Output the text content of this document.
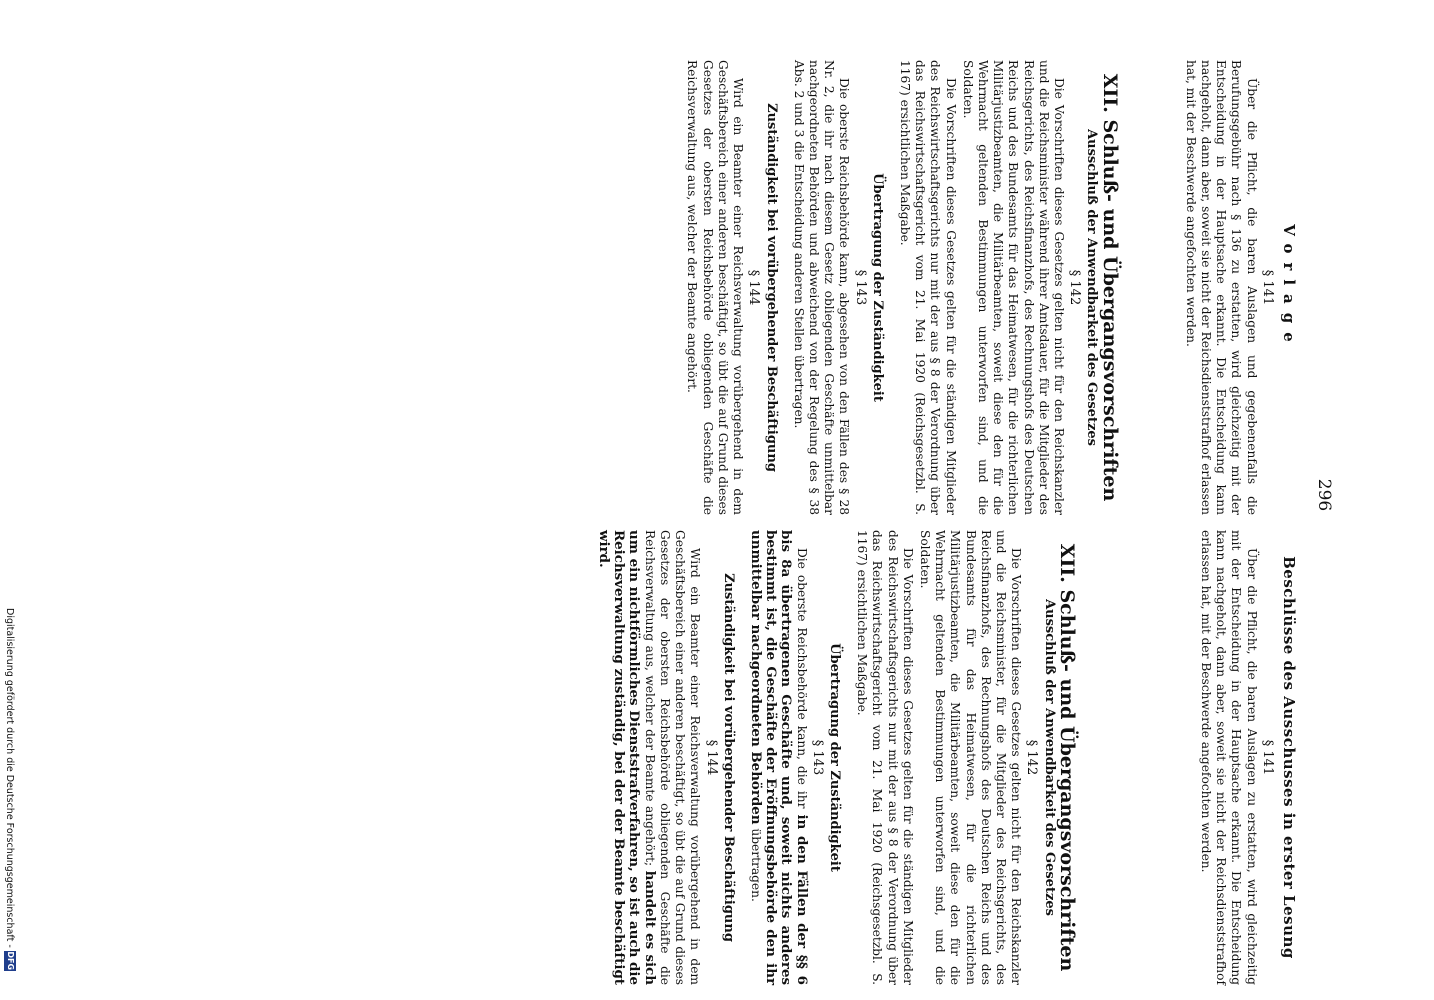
296
Vorlage
§ 141

Über die Pflicht, die baren Auslagen und gegebenenfalls die Berufungsgebühr nach § 136 zu erstatten, wird gleichzeitig mit der Entscheidung in der Hauptsache erkannt. Die Entscheidung kann nachgeholt, dann aber, soweit sie nicht der Reichsdienststrafhof erlassen hat, mit der Beschwerde angefochten werden.

XII. Schluß- und Übergangsvorschriften
Ausschluß der Anwendbarkeit des Gesetzes
§ 142

Die Vorschriften dieses Gesetzes gelten nicht für den Reichskanzler und die Reichsminister während ihrer Amtsdauer, für die Mitglieder des Reichsgerichts, des Reichsfinanzhofs, des Rechnungshofs des Deutschen Reichs und des Bundesamts für das Heimatwesen, für die richterlichen Militärjustizbeamten, die Militärbeamten, soweit diese den für die Wehrmacht geltenden Bestimmungen unterworfen sind, und die Soldaten.

Die Vorschriften dieses Gesetzes gelten für die ständigen Mitglieder des Reichswirtschaftsgerichts nur mit der aus § 8 der Verordnung über das Reichswirtschaftsgericht vom 21. Mai 1920 (Reichsgesetzbl. S. 1167) ersichtlichen Maßgabe.

Übertragung der Zuständigkeit
§ 143

Die oberste Reichsbehörde kann, abgesehen von den Fällen des § 28 Nr. 2, die ihr nach diesem Gesetz obliegenden Geschäfte unmittelbar nachgeordneten Behörden und abweichend von der Regelung des § 38 Abs. 2 und 3 die Entscheidung anderen Stellen übertragen.

Zuständigkeit bei vorübergehender Beschäftigung
§ 144

Wird ein Beamter einer Reichsverwaltung vorübergehend in dem Geschäftsbereich einer anderen beschäftigt, so übt die auf Grund dieses Gesetzes der obersten Reichsbehörde obliegenden Geschäfte die Reichsverwaltung aus, welcher der Beamte angehört.

Beschlüsse des Ausschusses in erster Lesung
§ 141

Über die Pflicht, die baren Auslagen zu erstatten, wird gleichzeitig mit der Entscheidung in der Hauptsache erkannt. Die Entscheidung kann nachgeholt, dann aber, soweit sie nicht der Reichsdienststrafhof erlassen hat, mit der Beschwerde angefochten werden.

XII. Schluß- und Übergangsvorschriften
Ausschluß der Anwendbarkeit des Gesetzes
§ 142

Die Vorschriften dieses Gesetzes gelten nicht für den Reichskanzler und die Reichsminister, für die Mitglieder des Reichsgerichts, des Reichsfinanzhofs, des Rechnungshofs des Deutschen Reichs und des Bundesamts für das Heimatwesen, für die richterlichen Militärjustizbeamten, die Militärbeamten, soweit diese den für die Wehrmacht geltenden Bestimmungen unterworfen sind, und die Soldaten.

Die Vorschriften dieses Gesetzes gelten für die ständigen Mitglieder des Reichswirtschaftsgerichts nur mit der aus § 8 der Verordnung über das Reichswirtschaftsgericht vom 21. Mai 1920 (Reichsgesetzbl. S. 1167) ersichtlichen Maßgabe.

Übertragung der Zuständigkeit
§ 143

Die oberste Reichsbehörde kann, die ihr in den Fällen der §§ 6 bis 8a übertragenen Geschäfte und, soweit nichts anderes bestimmt ist, die Geschäfte der Eröffnungsbehörde den ihr unmittelbar nachgeordneten Behörden übertragen.

Zuständigkeit bei vorübergehender Beschäftigung
§ 144

Wird ein Beamter einer Reichsverwaltung vorübergehend in dem Geschäftsbereich einer anderen beschäftigt, so übt die auf Grund dieses Gesetzes der obersten Reichsbehörde obliegenden Geschäfte die Reichsverwaltung aus, welcher der Beamte angehört; handelt es sich um ein nichtförmliches Dienststrafverfahren, so ist auch die Reichsverwaltung zuständig, bei der der Beamte beschäftigt wird.

Digitalisierung gefördert durch die Deutsche Forschungsgemeinschaft -
DFG
